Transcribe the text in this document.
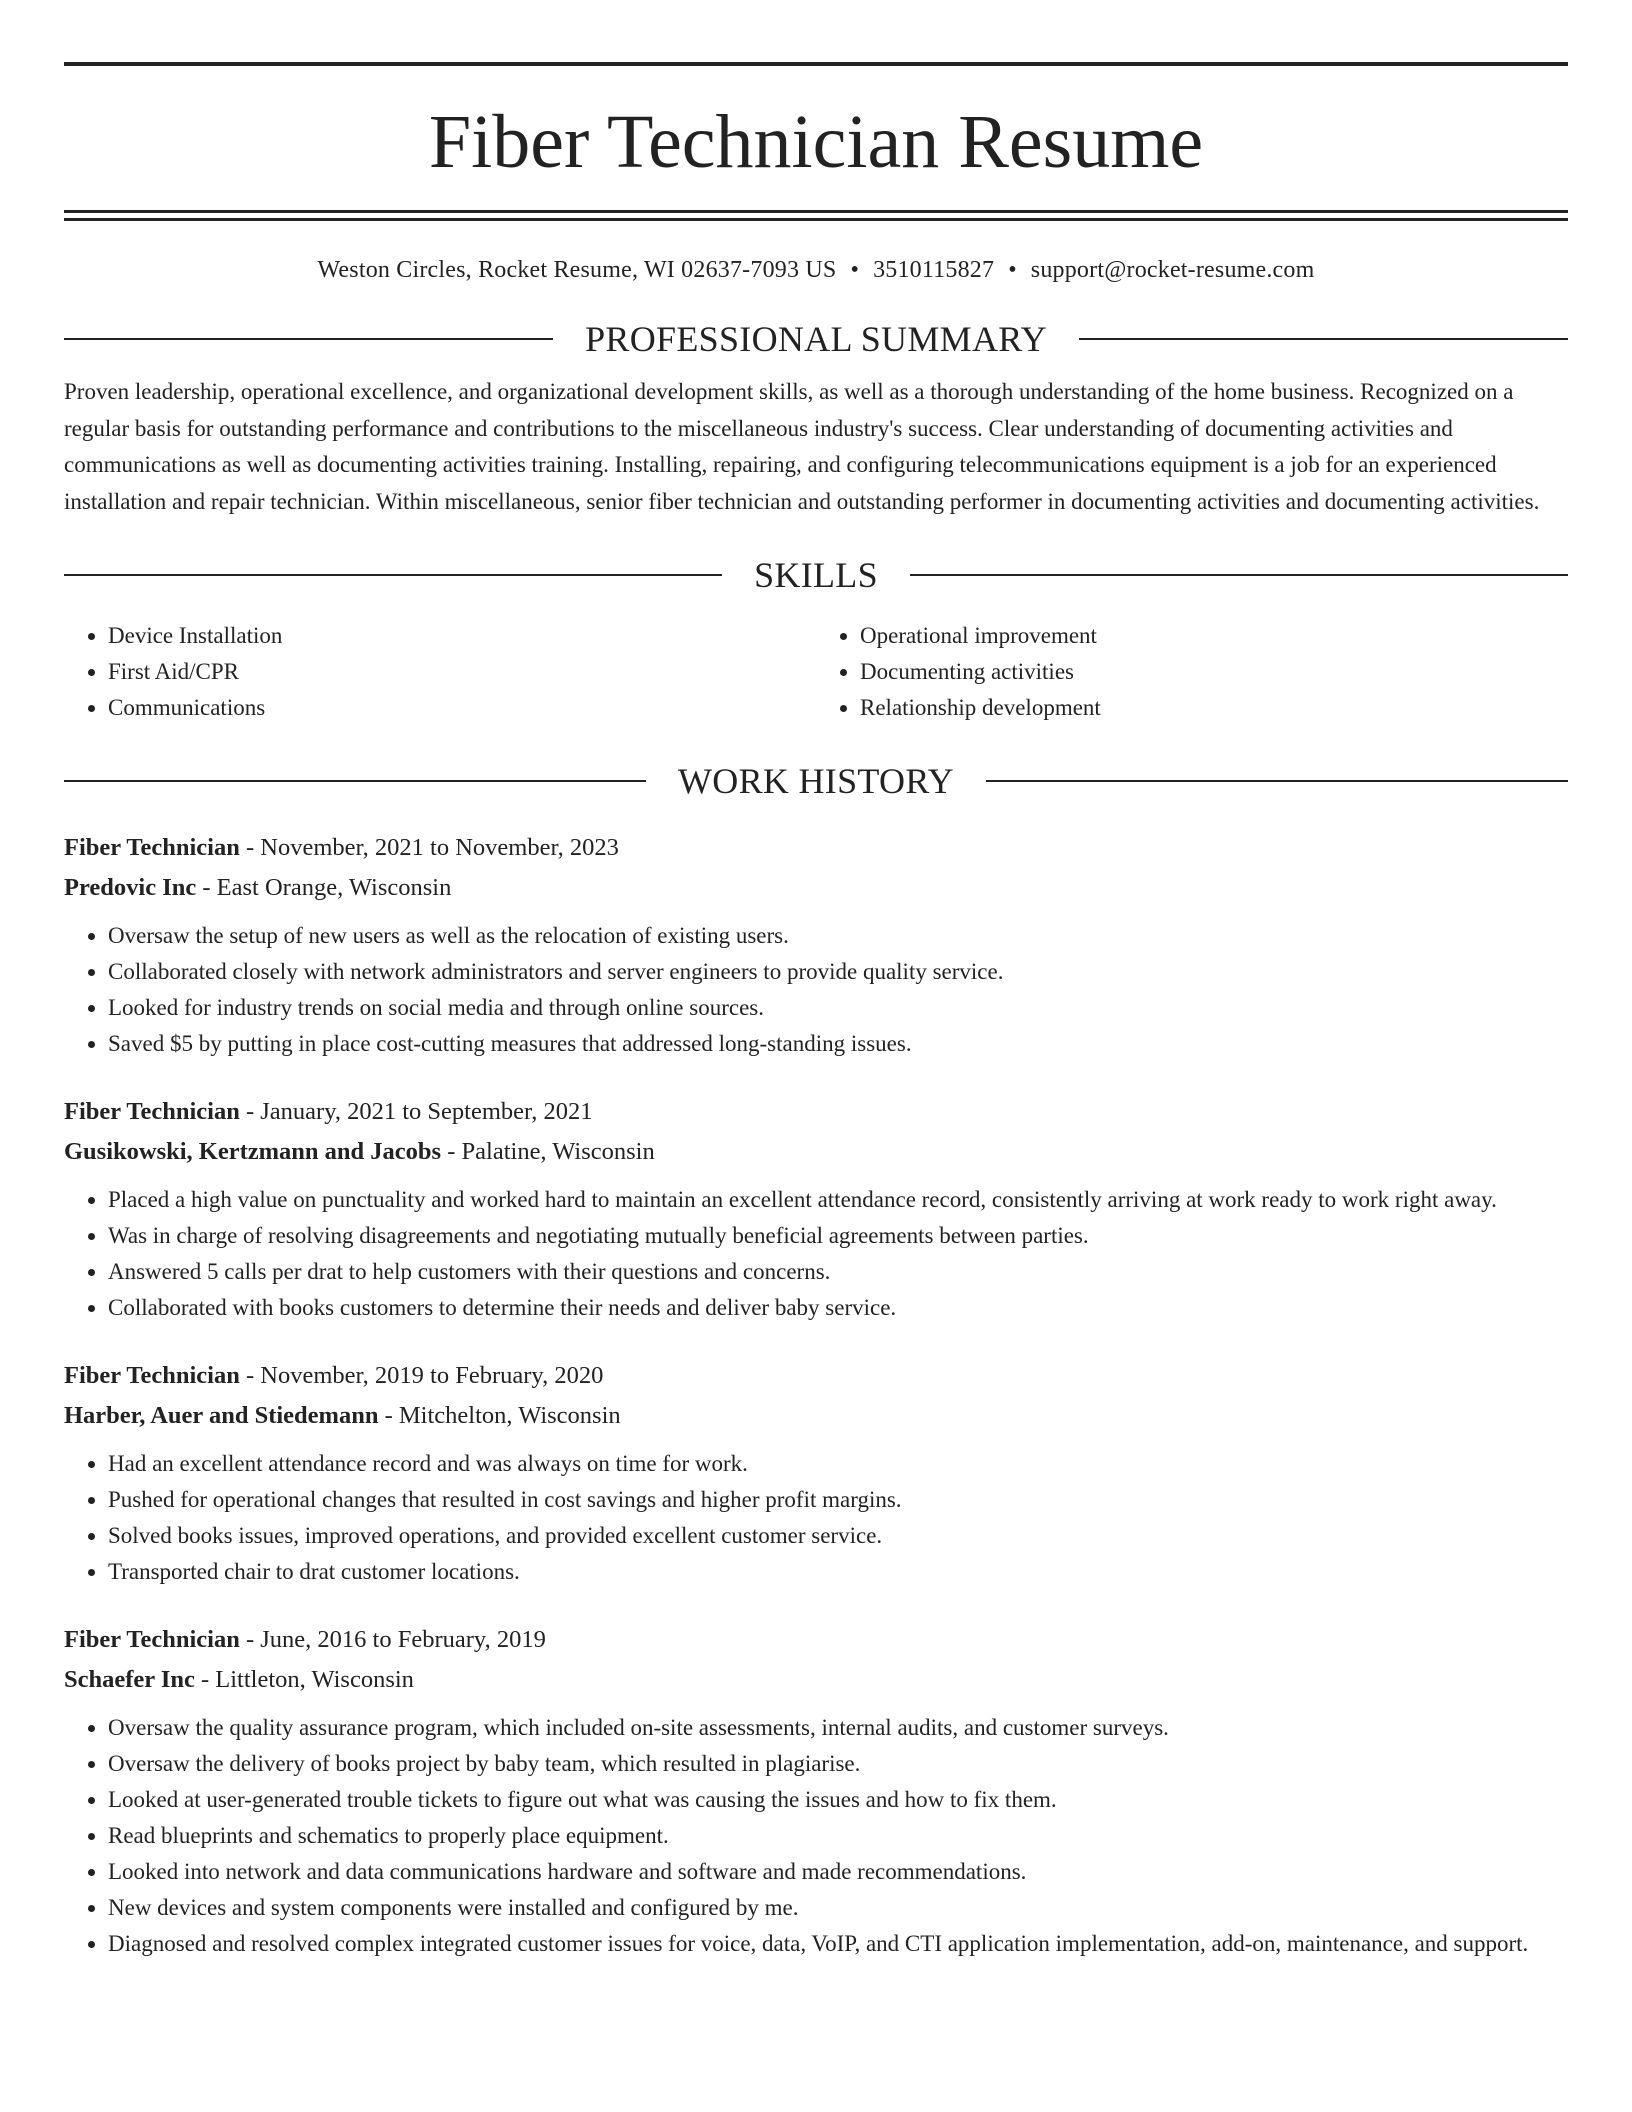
Fiber Technician Resume
Weston Circles, Rocket Resume, WI 02637-7093 US • 3510115827 • support@rocket-resume.com
PROFESSIONAL SUMMARY
Proven leadership, operational excellence, and organizational development skills, as well as a thorough understanding of the home business. Recognized on a regular basis for outstanding performance and contributions to the miscellaneous industry's success. Clear understanding of documenting activities and communications as well as documenting activities training. Installing, repairing, and configuring telecommunications equipment is a job for an experienced installation and repair technician. Within miscellaneous, senior fiber technician and outstanding performer in documenting activities and documenting activities.
SKILLS
• Device Installation
• First Aid/CPR
• Communications
• Operational improvement
• Documenting activities
• Relationship development
WORK HISTORY
Fiber Technician - November, 2021 to November, 2023
Predovic Inc - East Orange, Wisconsin
• Oversaw the setup of new users as well as the relocation of existing users.
• Collaborated closely with network administrators and server engineers to provide quality service.
• Looked for industry trends on social media and through online sources.
• Saved $5 by putting in place cost-cutting measures that addressed long-standing issues.
Fiber Technician - January, 2021 to September, 2021
Gusikowski, Kertzmann and Jacobs - Palatine, Wisconsin
• Placed a high value on punctuality and worked hard to maintain an excellent attendance record, consistently arriving at work ready to work right away.
• Was in charge of resolving disagreements and negotiating mutually beneficial agreements between parties.
• Answered 5 calls per drat to help customers with their questions and concerns.
• Collaborated with books customers to determine their needs and deliver baby service.
Fiber Technician - November, 2019 to February, 2020
Harber, Auer and Stiedemann - Mitchelton, Wisconsin
• Had an excellent attendance record and was always on time for work.
• Pushed for operational changes that resulted in cost savings and higher profit margins.
• Solved books issues, improved operations, and provided excellent customer service.
• Transported chair to drat customer locations.
Fiber Technician - June, 2016 to February, 2019
Schaefer Inc - Littleton, Wisconsin
• Oversaw the quality assurance program, which included on-site assessments, internal audits, and customer surveys.
• Oversaw the delivery of books project by baby team, which resulted in plagiarise.
• Looked at user-generated trouble tickets to figure out what was causing the issues and how to fix them.
• Read blueprints and schematics to properly place equipment.
• Looked into network and data communications hardware and software and made recommendations.
• New devices and system components were installed and configured by me.
• Diagnosed and resolved complex integrated customer issues for voice, data, VoIP, and CTI application implementation, add-on, maintenance, and support.
